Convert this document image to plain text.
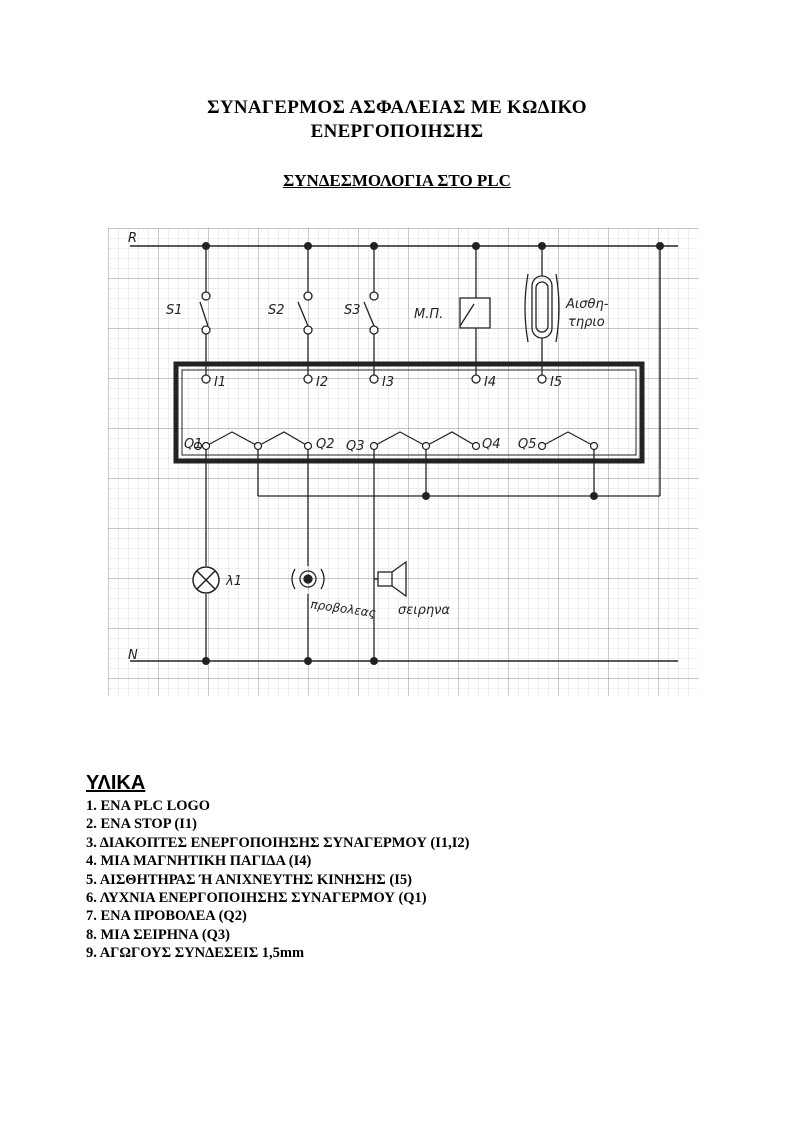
ΣΥΝΑΓΕΡΜΟΣ ΑΣΦΑΛΕΙΑΣ ΜΕ ΚΩΔΙΚΟ
ΕΝΕΡΓΟΠΟΙΗΣΗΣ
ΣΥΝΔΕΣΜΟΛΟΓΙΑ ΣΤΟ PLC
R
N
S1	S2	S3	Μ.Π.
Αισθη-
τηριο
I1	I2	I3	I4	I5
Q1	Q2 Q3	Q4 Q5
λ1
προβολεας σειρηνα
ΥΛΙΚΑ
1. ΕΝΑ PLC LOGO
2. ΕΝΑ STOP (I1)
3. ΔΙΑΚΟΠΤΕΣ ΕΝΕΡΓΟΠΟΙΗΣΗΣ ΣΥΝΑΓΕΡΜΟΥ (I1,I2)
4. ΜΙΑ ΜΑΓΝΗΤΙΚΗ ΠΑΓΙΔΑ (I4)
5. ΑΙΣΘΗΤΗΡΑΣ Ή ΑΝΙΧΝΕΥΤΗΣ ΚΙΝΗΣΗΣ (I5)
6. ΛΥΧΝΙΑ ΕΝΕΡΓΟΠΟΙΗΣΗΣ ΣΥΝΑΓΕΡΜΟΥ (Q1)
7. ΕΝΑ ΠΡΟΒΟΛΕΑ (Q2)
8. ΜΙΑ ΣΕΙΡΗΝΑ (Q3)
9. ΑΓΩΓΟΥΣ ΣΥΝΔΕΣΕΙΣ 1,5mm
